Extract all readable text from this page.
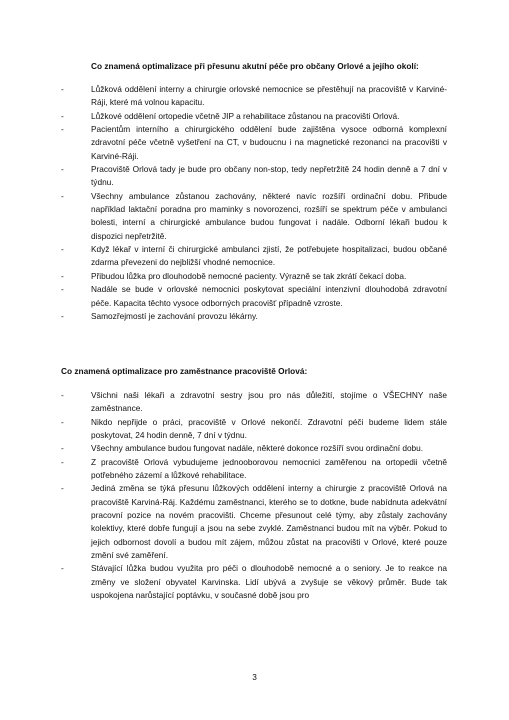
Co znamená optimalizace při přesunu akutní péče pro občany Orlové a jejího okolí:
-	Lůžková oddělení interny a chirurgie orlovské nemocnice se přestěhují na pracoviště v Karviné-Ráji, které má volnou kapacitu.
-	Lůžkové oddělení ortopedie včetně JIP a rehabilitace zůstanou na pracovišti Orlová.
-	Pacientům interního a chirurgického oddělení bude zajištěna vysoce odborná komplexní zdravotní péče včetně vyšetření na CT, v budoucnu i na magnetické rezonanci na pracovišti v Karviné-Ráji.
-	Pracoviště Orlová tady je bude pro občany non-stop, tedy nepřetržitě 24 hodin denně a 7 dní v týdnu.
-	Všechny ambulance zůstanou zachovány, některé navíc rozšíří ordinační dobu. Přibude například laktační poradna pro maminky s novorozenci, rozšíří se spektrum péče v ambulanci bolesti, interní a chirurgické ambulance budou fungovat i nadále. Odborní lékaři budou k dispozici nepřetržitě.
-	Když lékař v interní či chirurgické ambulanci zjistí, že potřebujete hospitalizaci, budou občané zdarma převezeni do nejbližší vhodné nemocnice.
-	Přibudou lůžka pro dlouhodobě nemocné pacienty. Výrazně se tak zkrátí čekací doba.
-	Nadále se bude v orlovské nemocnici poskytovat speciální intenzivní dlouhodobá zdravotní péče. Kapacita těchto vysoce odborných pracovišť případně vzroste.
-	Samozřejmostí je zachování provozu lékárny.
Co znamená optimalizace pro zaměstnance pracoviště Orlová:
-	Všichni naši lékaři a zdravotní sestry jsou pro nás důležití, stojíme o VŠECHNY naše zaměstnance.
-	Nikdo nepřijde o práci, pracoviště v Orlové nekončí. Zdravotní péči budeme lidem stále poskytovat, 24 hodin denně, 7 dní v týdnu.
-	Všechny ambulance budou fungovat nadále, některé dokonce rozšíří svou ordinační dobu.
-	Z pracoviště Orlová vybudujeme jednooborovou nemocnici zaměřenou na ortopedii včetně potřebného zázemí a lůžkové rehabilitace.
-	Jediná změna se týká přesunu lůžkových oddělení interny a chirurgie z pracoviště Orlová na pracoviště Karviná-Ráj. Každému zaměstnanci, kterého se to dotkne, bude nabídnuta adekvátní pracovní pozice na novém pracovišti. Chceme přesunout celé týmy, aby zůstaly zachovány kolektivy, které dobře fungují a jsou na sebe zvyklé. Zaměstnanci budou mít na výběr. Pokud to jejich odbornost dovolí a budou mít zájem, můžou zůstat na pracovišti v Orlové, které pouze změní své zaměření.
-	Stávající lůžka budou využita pro péči o dlouhodobě nemocné a o seniory. Je to reakce na změny ve složení obyvatel Karvinska. Lidí ubývá a zvyšuje se věkový průměr. Bude tak uspokojena narůstající poptávku, v současné době jsou pro
3
